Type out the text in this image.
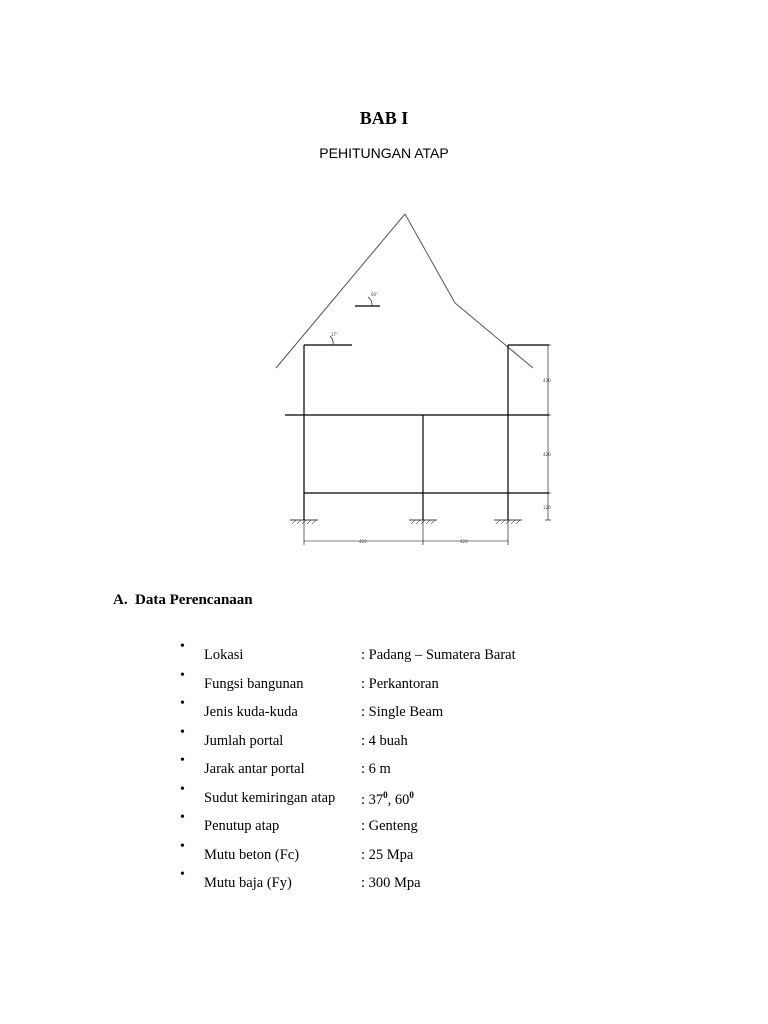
BAB I
PEHITUNGAN ATAP
60°
37°
420
420
120
420	420
A. Data Perencanaan
•
Lokasi	: Padang – Sumatera Barat
•
Fungsi bangunan	: Perkantoran
•
Jenis kuda-kuda	: Single Beam
•
Jumlah portal	: 4 buah
•
Jarak antar portal	: 6 m
•
Sudut kemiringan atap : $37^0$, $60^0$
•
Penutup atap	: Genteng
•
Mutu beton (Fc)	: 25 Mpa
•
Mutu baja (Fy)	: 300 Mpa
